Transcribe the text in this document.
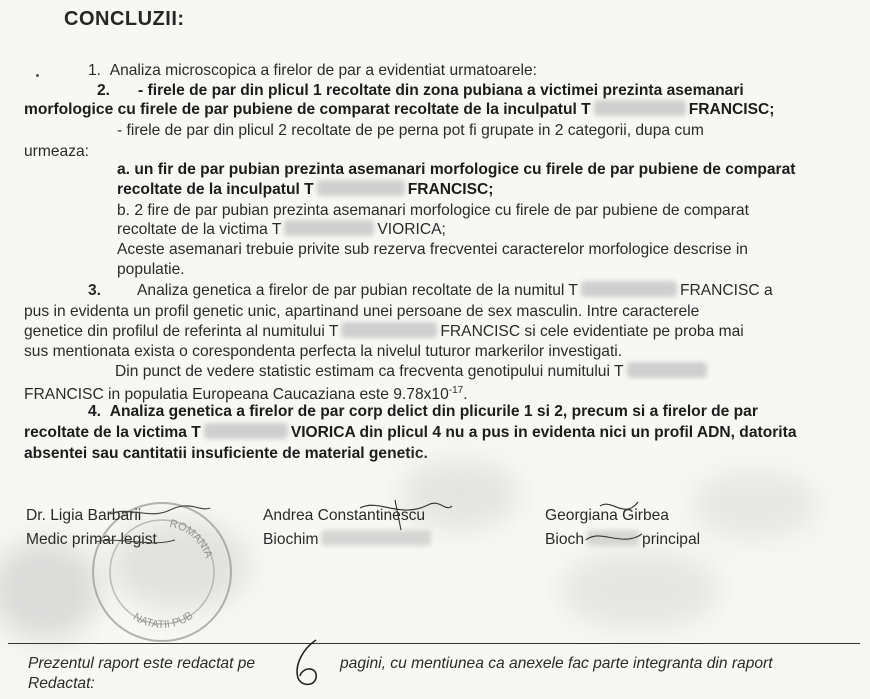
CONCLUZII:
1. Analiza microscopica a firelor de par a evidentiat urmatoarele:
2. - firele de par din plicul 1 recoltate din zona pubiana a victimei prezinta asemanari
morfologice cu firele de par pubiene de comparat recoltate de la inculpatul T	FRANCISC;
- firele de par din plicul 2 recoltate de pe perna pot fi grupate in 2 categorii, dupa cum
urmeaza:
a. un fir de par pubian prezinta asemanari morfologice cu firele de par pubiene de comparat
recoltate de la inculpatul T	FRANCISC;
b. 2 fire de par pubian prezinta asemanari morfologice cu firele de par pubiene de comparat
recoltate de la victima T	VIORICA;
Aceste asemanari trebuie privite sub rezerva frecventei caracterelor morfologice descrise in
populatie.
3. Analiza genetica a firelor de par pubian recoltate de la numitul T	FRANCISC a
pus in evidenta un profil genetic unic, apartinand unei persoane de sex masculin. Intre caracterele
genetice din profilul de referinta al numitului T	FRANCISC si cele evidentiate pe proba mai
sus mentionata exista o corespondenta perfecta la nivelul tuturor markerilor investigati.
Din punct de vedere statistic estimam ca frecventa genotipului numitului T
FRANCISC in populatia Europeana Caucaziana este $9.78x10^{-17}$.
4. Analiza genetica a firelor de par corp delict din plicurile 1 si 2, precum si a firelor de par
recoltate de la victima T	VIORICA din plicul 4 nu a pus in evidenta nici un profil ADN, datorita
absentei sau cantitatii insuficiente de material genetic.
ROMANIA
NATATII PUB
Dr. Ligia Barbarii
Medic primar legist
Andrea Constantinescu
Biochim
Georgiana Girbea
Bioch	principal
Prezentul raport este redactat pe	pagini, cu mentiunea ca anexele fac parte integranta din raport
Redactat:
